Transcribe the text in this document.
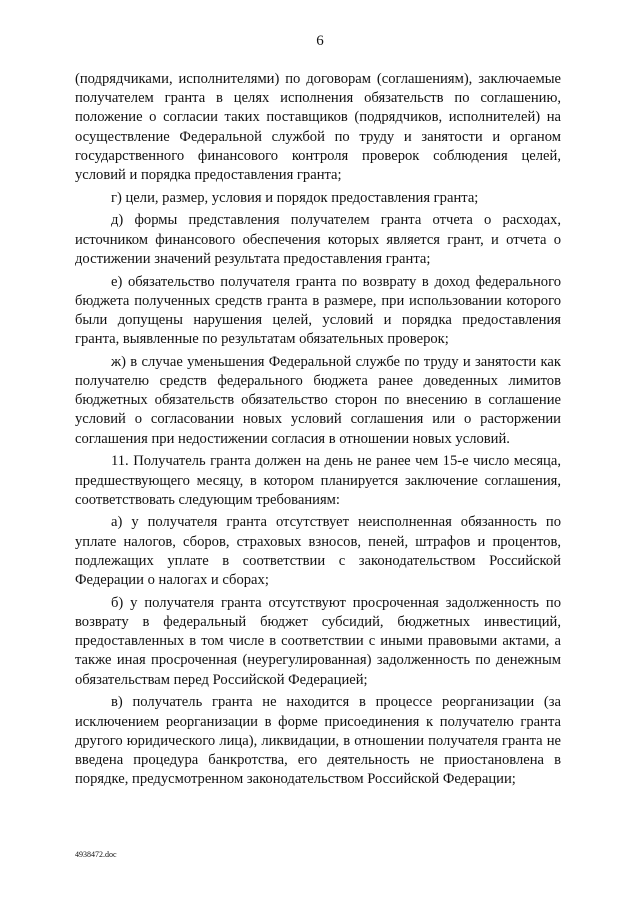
6

(подрядчиками, исполнителями) по договорам (соглашениям), заключаемые получателем гранта в целях исполнения обязательств по соглашению, положение о согласии таких поставщиков (подрядчиков, исполнителей) на осуществление Федеральной службой по труду и занятости и органом государственного финансового контроля проверок соблюдения целей, условий и порядка предоставления гранта;

г) цели, размер, условия и порядок предоставления гранта;

д) формы представления получателем гранта отчета о расходах, источником финансового обеспечения которых является грант, и отчета о достижении значений результата предоставления гранта;

е) обязательство получателя гранта по возврату в доход федерального бюджета полученных средств гранта в размере, при использовании которого были допущены нарушения целей, условий и порядка предоставления гранта, выявленные по результатам обязательных проверок;

ж) в случае уменьшения Федеральной службе по труду и занятости как получателю средств федерального бюджета ранее доведенных лимитов бюджетных обязательств обязательство сторон по внесению в соглашение условий о согласовании новых условий соглашения или о расторжении соглашения при недостижении согласия в отношении новых условий.

11. Получатель гранта должен на день не ранее чем 15-е число месяца, предшествующего месяцу, в котором планируется заключение соглашения, соответствовать следующим требованиям:

а) у получателя гранта отсутствует неисполненная обязанность по уплате налогов, сборов, страховых взносов, пеней, штрафов и процентов, подлежащих уплате в соответствии с законодательством Российской Федерации о налогах и сборах;

б) у получателя гранта отсутствуют просроченная задолженность по возврату в федеральный бюджет субсидий, бюджетных инвестиций, предоставленных в том числе в соответствии с иными правовыми актами, а также иная просроченная (неурегулированная) задолженность по денежным обязательствам перед Российской Федерацией;

в) получатель гранта не находится в процессе реорганизации (за исключением реорганизации в форме присоединения к получателю гранта другого юридического лица), ликвидации, в отношении получателя гранта не введена процедура банкротства, его деятельность не приостановлена в порядке, предусмотренном законодательством Российской Федерации;

4938472.doc
